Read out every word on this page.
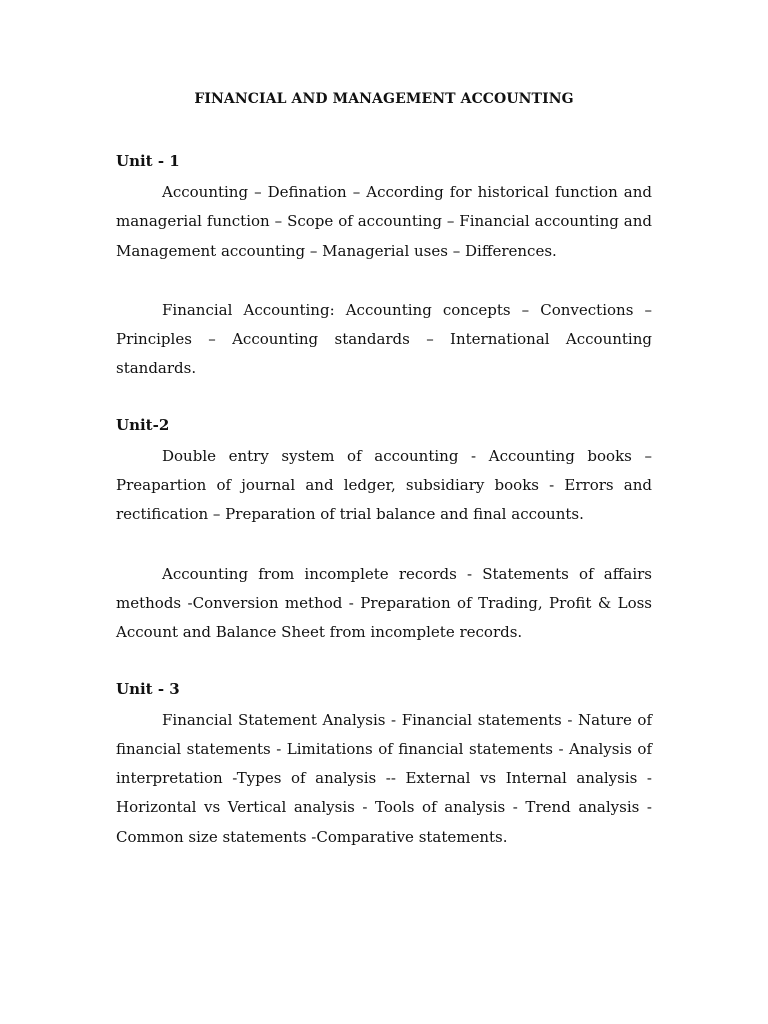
FINANCIAL AND MANAGEMENT ACCOUNTING
Unit - 1

Accounting – Defination – According for historical function and managerial function – Scope of accounting – Financial accounting and Management accounting – Managerial uses – Differences.

Financial Accounting: Accounting concepts – Convections – Principles – Accounting standards – International Accounting standards.

Unit-2

Double entry system of accounting - Accounting books – Preapartion of journal and ledger, subsidiary books - Errors and rectification – Preparation of trial balance and final accounts.

Accounting from incomplete records - Statements of affairs methods -Conversion method - Preparation of Trading, Profit & Loss Account and Balance Sheet from incomplete records.

Unit - 3

Financial Statement Analysis - Financial statements - Nature of financial statements - Limitations of financial statements - Analysis of interpretation -Types of analysis -- External vs Internal analysis - Horizontal vs Vertical analysis - Tools of analysis - Trend analysis - Common size statements -Comparative statements.
